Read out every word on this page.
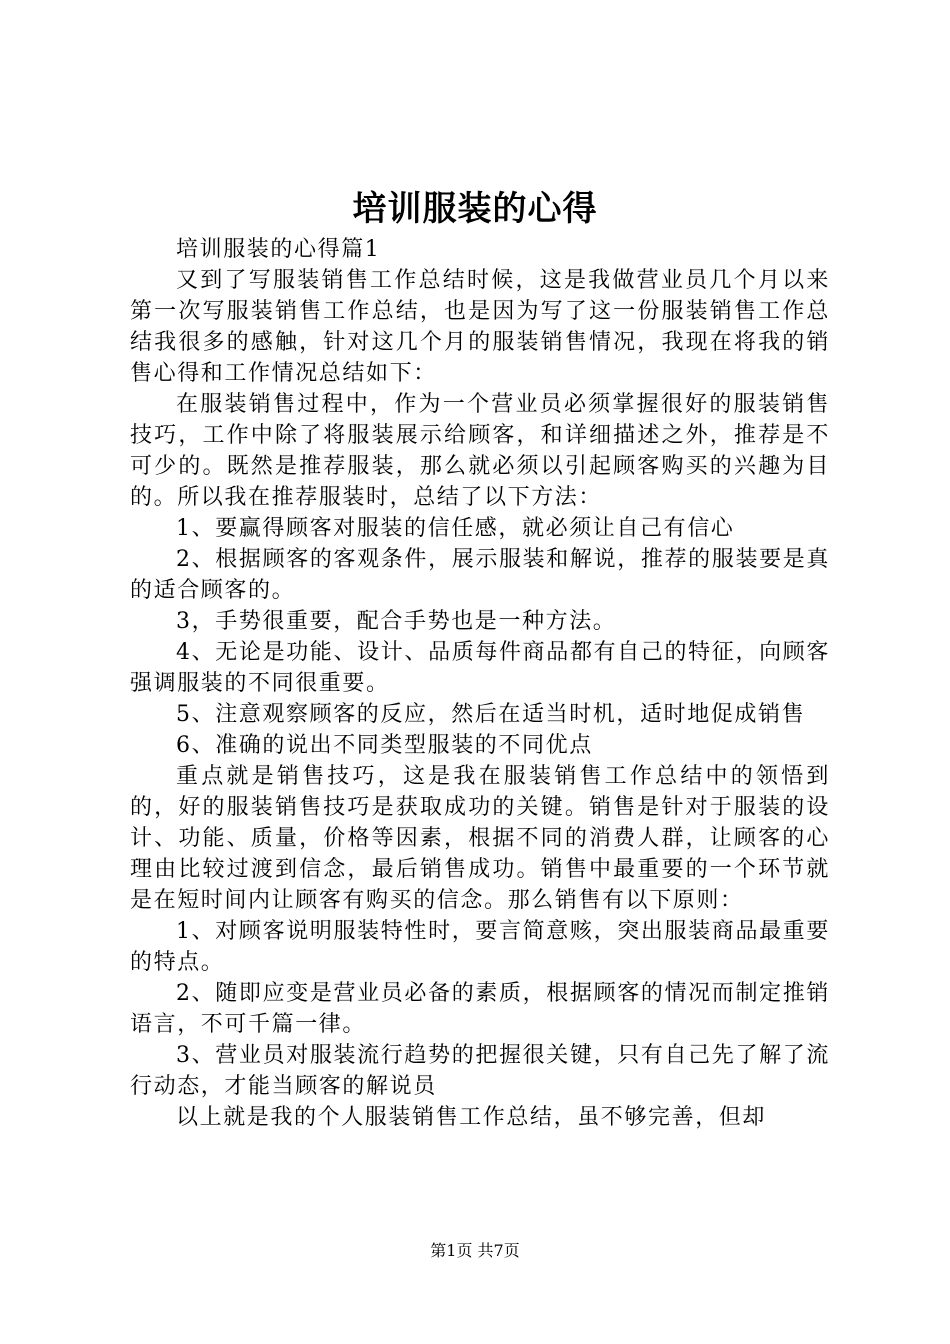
培训服装的心得

培训服装的心得篇1

又到了写服装销售工作总结时候，这是我做营业员几个月以来第一次写服装销售工作总结，也是因为写了这一份服装销售工作总结我很多的感触，针对这几个月的服装销售情况，我现在将我的销售心得和工作情况总结如下：

在服装销售过程中，作为一个营业员必须掌握很好的服装销售技巧，工作中除了将服装展示给顾客，和详细描述之外，推荐是不可少的。既然是推荐服装，那么就必须以引起顾客购买的兴趣为目的。所以我在推荐服装时，总结了以下方法：

1、要赢得顾客对服装的信任感，就必须让自己有信心

2、根据顾客的客观条件，展示服装和解说，推荐的服装要是真的适合顾客的。

3，手势很重要，配合手势也是一种方法。

4、无论是功能、设计、品质每件商品都有自己的特征，向顾客强调服装的不同很重要。

5、注意观察顾客的反应，然后在适当时机，适时地促成销售

6、准确的说出不同类型服装的不同优点

重点就是销售技巧，这是我在服装销售工作总结中的领悟到的，好的服装销售技巧是获取成功的关键。销售是针对于服装的设计、功能、质量，价格等因素，根据不同的消费人群，让顾客的心理由比较过渡到信念，最后销售成功。销售中最重要的一个环节就是在短时间内让顾客有购买的信念。那么销售有以下原则：

1、对顾客说明服装特性时，要言简意赅，突出服装商品最重要的特点。

2、随即应变是营业员必备的素质，根据顾客的情况而制定推销语言，不可千篇一律。

3、营业员对服装流行趋势的把握很关键，只有自己先了解了流行动态，才能当顾客的解说员

以上就是我的个人服装销售工作总结，虽不够完善，但却

第1页 共7页
